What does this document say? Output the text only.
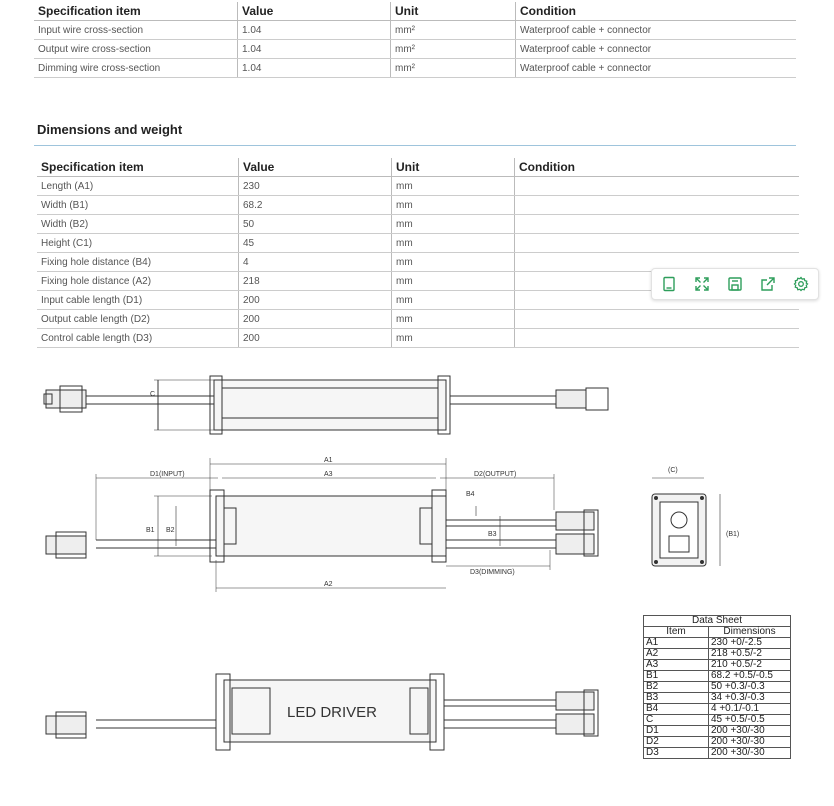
Specification item	Value	Unit	Condition
Input wire cross-section	1.04	mm²	Waterproof cable + connector
Output wire cross-section	1.04	mm²	Waterproof cable + connector
Dimming wire cross-section	1.04	mm²	Waterproof cable + connector
Dimensions and weight
Specification item	Value	Unit	Condition
Length (A1)	230	mm	
Width (B1)	68.2	mm	
Width (B2)	50	mm	
Height (C1)	45	mm	
Fixing hole distance (B4)	4	mm	
Fixing hole distance (A2)	218	mm	
Input cable length (D1)	200	mm	
Output cable length (D2)	200	mm	
Control cable length (D3)	200	mm	
C
A1
A3
D1(INPUT)	D2(OUTPUT)
B1 B2
B3
B4
D3(DIMMING)
A2
(C)
(B1)
LED DRIVER
Data Sheet	
Item	Dimensions
A1	230 +0/-2.5
A2	218 +0.5/-2
A3	210 +0.5/-2
B1	68.2 +0.5/-0.5
B2	50 +0.3/-0.3
B3	34 +0.3/-0.3
B4	4 +0.1/-0.1
C	45 +0.5/-0.5
D1	200 +30/-30
D2	200 +30/-30
D3	200 +30/-30
